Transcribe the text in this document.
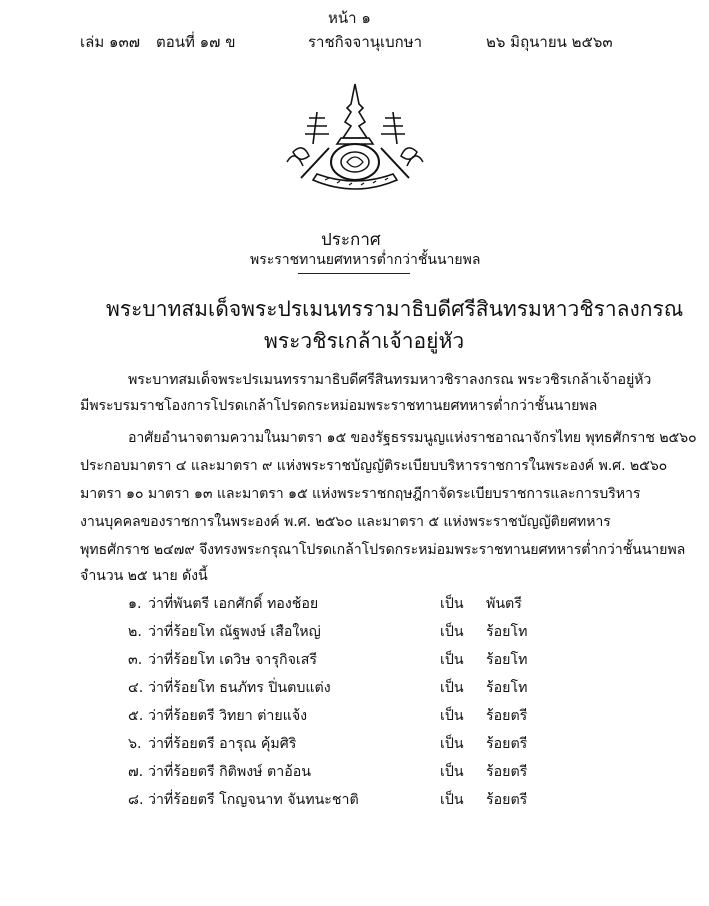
หน้า ๑
เล่ม ๑๓๗ ตอนที่ ๑๗ ข	ราชกิจจานุเบกษา	๒๖ มิถุนายน ๒๕๖๓
ประกาศ
พระราชทานยศทหารต่ำกว่าชั้นนายพล
พระบาทสมเด็จพระปรเมนทรรามาธิบดีศรีสินทรมหาวชิราลงกรณ
พระวชิรเกล้าเจ้าอยู่หัว
พระบาทสมเด็จพระปรเมนทรรามาธิบดีศรีสินทรมหาวชิราลงกรณ พระวชิรเกล้าเจ้าอยู่หัว
มีพระบรมราชโองการโปรดเกล้าโปรดกระหม่อมพระราชทานยศทหารต่ำกว่าชั้นนายพล
อาศัยอำนาจตามความในมาตรา ๑๕ ของรัฐธรรมนูญแห่งราชอาณาจักรไทย พุทธศักราช ๒๕๖๐
ประกอบมาตรา ๔ และมาตรา ๙ แห่งพระราชบัญญัติระเบียบบริหารราชการในพระองค์ พ.ศ. ๒๕๖๐
มาตรา ๑๐ มาตรา ๑๓ และมาตรา ๑๕ แห่งพระราชกฤษฎีกาจัดระเบียบราชการและการบริหาร
งานบุคคลของราชการในพระองค์ พ.ศ. ๒๕๖๐ และมาตรา ๕ แห่งพระราชบัญญัติยศทหาร
พุทธศักราช ๒๔๗๙ จึงทรงพระกรุณาโปรดเกล้าโปรดกระหม่อมพระราชทานยศทหารต่ำกว่าชั้นนายพล
จำนวน ๒๕ นาย ดังนี้
๑. ว่าที่พันตรี เอกศักดิ์ ทองช้อย	เป็น พันตรี
๒. ว่าที่ร้อยโท ณัฐพงษ์ เสือใหญ่	เป็น ร้อยโท
๓. ว่าที่ร้อยโท เดวิษ จารุกิจเสรี	เป็น ร้อยโท
๔. ว่าที่ร้อยโท ธนภัทร ปิ่นตบแต่ง	เป็น ร้อยโท
๕. ว่าที่ร้อยตรี วิทยา ต่ายแจ้ง	เป็น ร้อยตรี
๖. ว่าที่ร้อยตรี อารุณ คุ้มศิริ	เป็น ร้อยตรี
๗. ว่าที่ร้อยตรี กิติพงษ์ ตาอ้อน	เป็น ร้อยตรี
๘. ว่าที่ร้อยตรี โกญจนาท จันทนะชาติ	เป็น ร้อยตรี
